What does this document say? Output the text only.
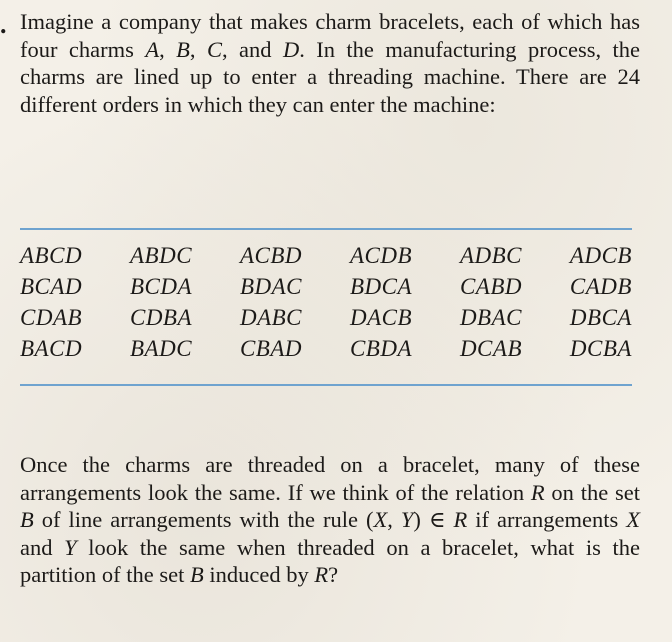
. Imagine a company that makes charm bracelets, each of which has four charms A, B, C, and D. In the manufacturing process, the charms are lined up to enter a threading machine. There are 24 different orders in which they can enter the machine:

ABCD ABDC ACBD ACDB ADBC ADCB
BCAD BCDA BDAC BDCA CABD CADB
CDAB CDBA DABC DACB DBAC DBCA
BACD BADC CBAD CBDA DCAB DCBA

Once the charms are threaded on a bracelet, many of these arrangements look the same. If we think of the relation R on the set B of line arrangements with the rule (X, Y) ∈ R if arrangements X and Y look the same when threaded on a bracelet, what is the partition of the set B induced by R?
